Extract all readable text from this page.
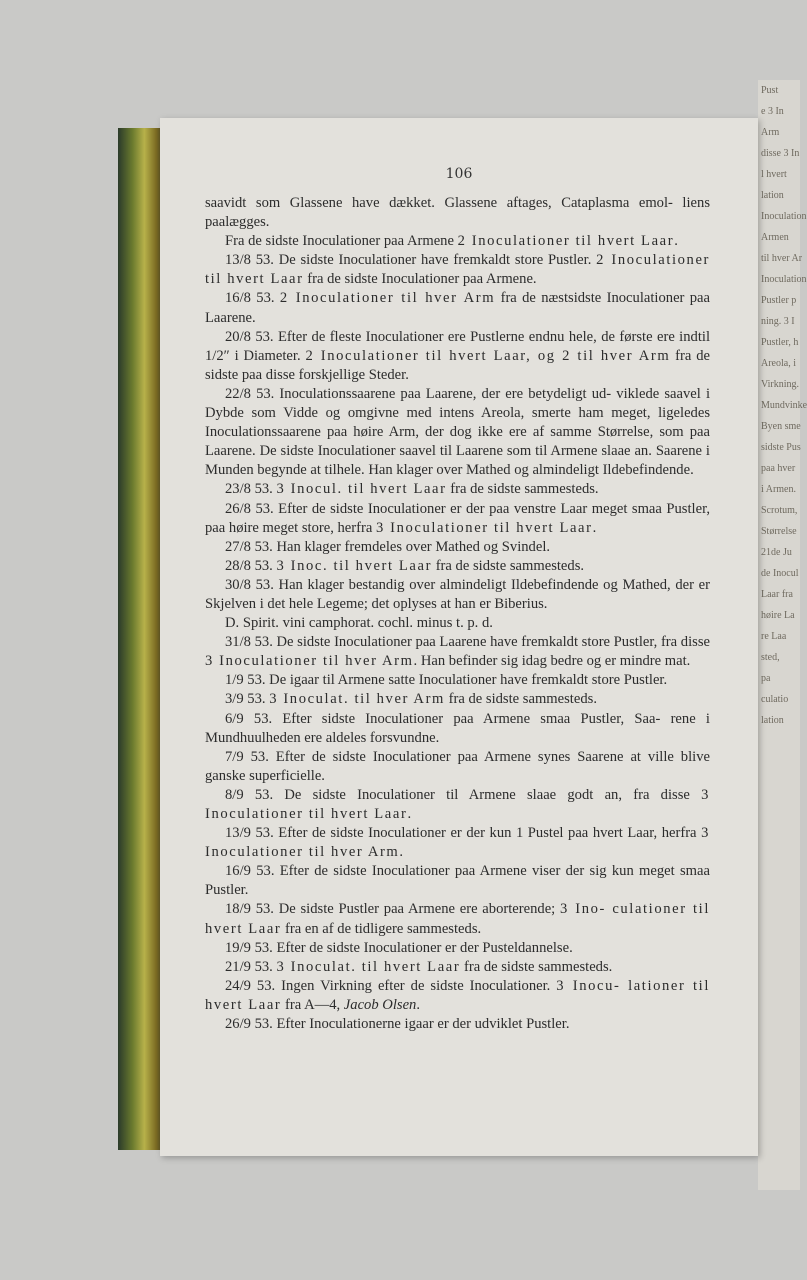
Pust
e 3 In
Arm
disse 3 In
l hvert
lation
Inoculation
Armen
til hver Ar
Inoculation
Pustler p
ning. 3 I
Pustler, h
Areola, i
Virkning.
Mundvinke
Byen sme
sidste Pus
paa hver
i Armen.
Scrotum,
Størrelse
21de Ju
de Inocul
Laar fra
høire La
re Laa
sted,
pa
culatio
lation
106

saavidt som Glassene have dækket. Glassene aftages, Cataplasma emol- liens paalægges.

Fra de sidste Inoculationer paa Armene 2 Inoculationer til hvert Laar.

13/8 53. De sidste Inoculationer have fremkaldt store Pustler. 2 Inoculationer til hvert Laar fra de sidste Inoculationer paa Armene.

16/8 53. 2 Inoculationer til hver Arm fra de næstsidste Inoculationer paa Laarene.

20/8 53. Efter de fleste Inoculationer ere Pustlerne endnu hele, de første ere indtil 1/2″ i Diameter. 2 Inoculationer til hvert Laar, og 2 til hver Arm fra de sidste paa disse forskjellige Steder.

22/8 53. Inoculationssaarene paa Laarene, der ere betydeligt ud- viklede saavel i Dybde som Vidde og omgivne med intens Areola, smerte ham meget, ligeledes Inoculationssaarene paa høire Arm, der dog ikke ere af samme Størrelse, som paa Laarene. De sidste Inoculationer saavel til Laarene som til Armene slaae an. Saarene i Munden begynde at tilhele. Han klager over Mathed og almindeligt Ildebefindende.

23/8 53. 3 Inocul. til hvert Laar fra de sidste sammesteds.

26/8 53. Efter de sidste Inoculationer er der paa venstre Laar meget smaa Pustler, paa høire meget store, herfra 3 Inoculationer til hvert Laar.

27/8 53. Han klager fremdeles over Mathed og Svindel.

28/8 53. 3 Inoc. til hvert Laar fra de sidste sammesteds.

30/8 53. Han klager bestandig over almindeligt Ildebefindende og Mathed, der er Skjelven i det hele Legeme; det oplyses at han er Biberius.

D. Spirit. vini camphorat. cochl. minus t. p. d.

31/8 53. De sidste Inoculationer paa Laarene have fremkaldt store Pustler, fra disse 3 Inoculationer til hver Arm. Han befinder sig idag bedre og er mindre mat.

1/9 53. De igaar til Armene satte Inoculationer have fremkaldt store Pustler.

3/9 53. 3 Inoculat. til hver Arm fra de sidste sammesteds.

6/9 53. Efter sidste Inoculationer paa Armene smaa Pustler, Saa- rene i Mundhuulheden ere aldeles forsvundne.

7/9 53. Efter de sidste Inoculationer paa Armene synes Saarene at ville blive ganske superficielle.

8/9 53. De sidste Inoculationer til Armene slaae godt an, fra disse 3 Inoculationer til hvert Laar.

13/9 53. Efter de sidste Inoculationer er der kun 1 Pustel paa hvert Laar, herfra 3 Inoculationer til hver Arm.

16/9 53. Efter de sidste Inoculationer paa Armene viser der sig kun meget smaa Pustler.

18/9 53. De sidste Pustler paa Armene ere aborterende; 3 Ino- culationer til hvert Laar fra en af de tidligere sammesteds.

19/9 53. Efter de sidste Inoculationer er der Pusteldannelse.

21/9 53. 3 Inoculat. til hvert Laar fra de sidste sammesteds.

24/9 53. Ingen Virkning efter de sidste Inoculationer. 3 Inocu- lationer til hvert Laar fra A—4, Jacob Olsen.

26/9 53. Efter Inoculationerne igaar er der udviklet Pustler.
